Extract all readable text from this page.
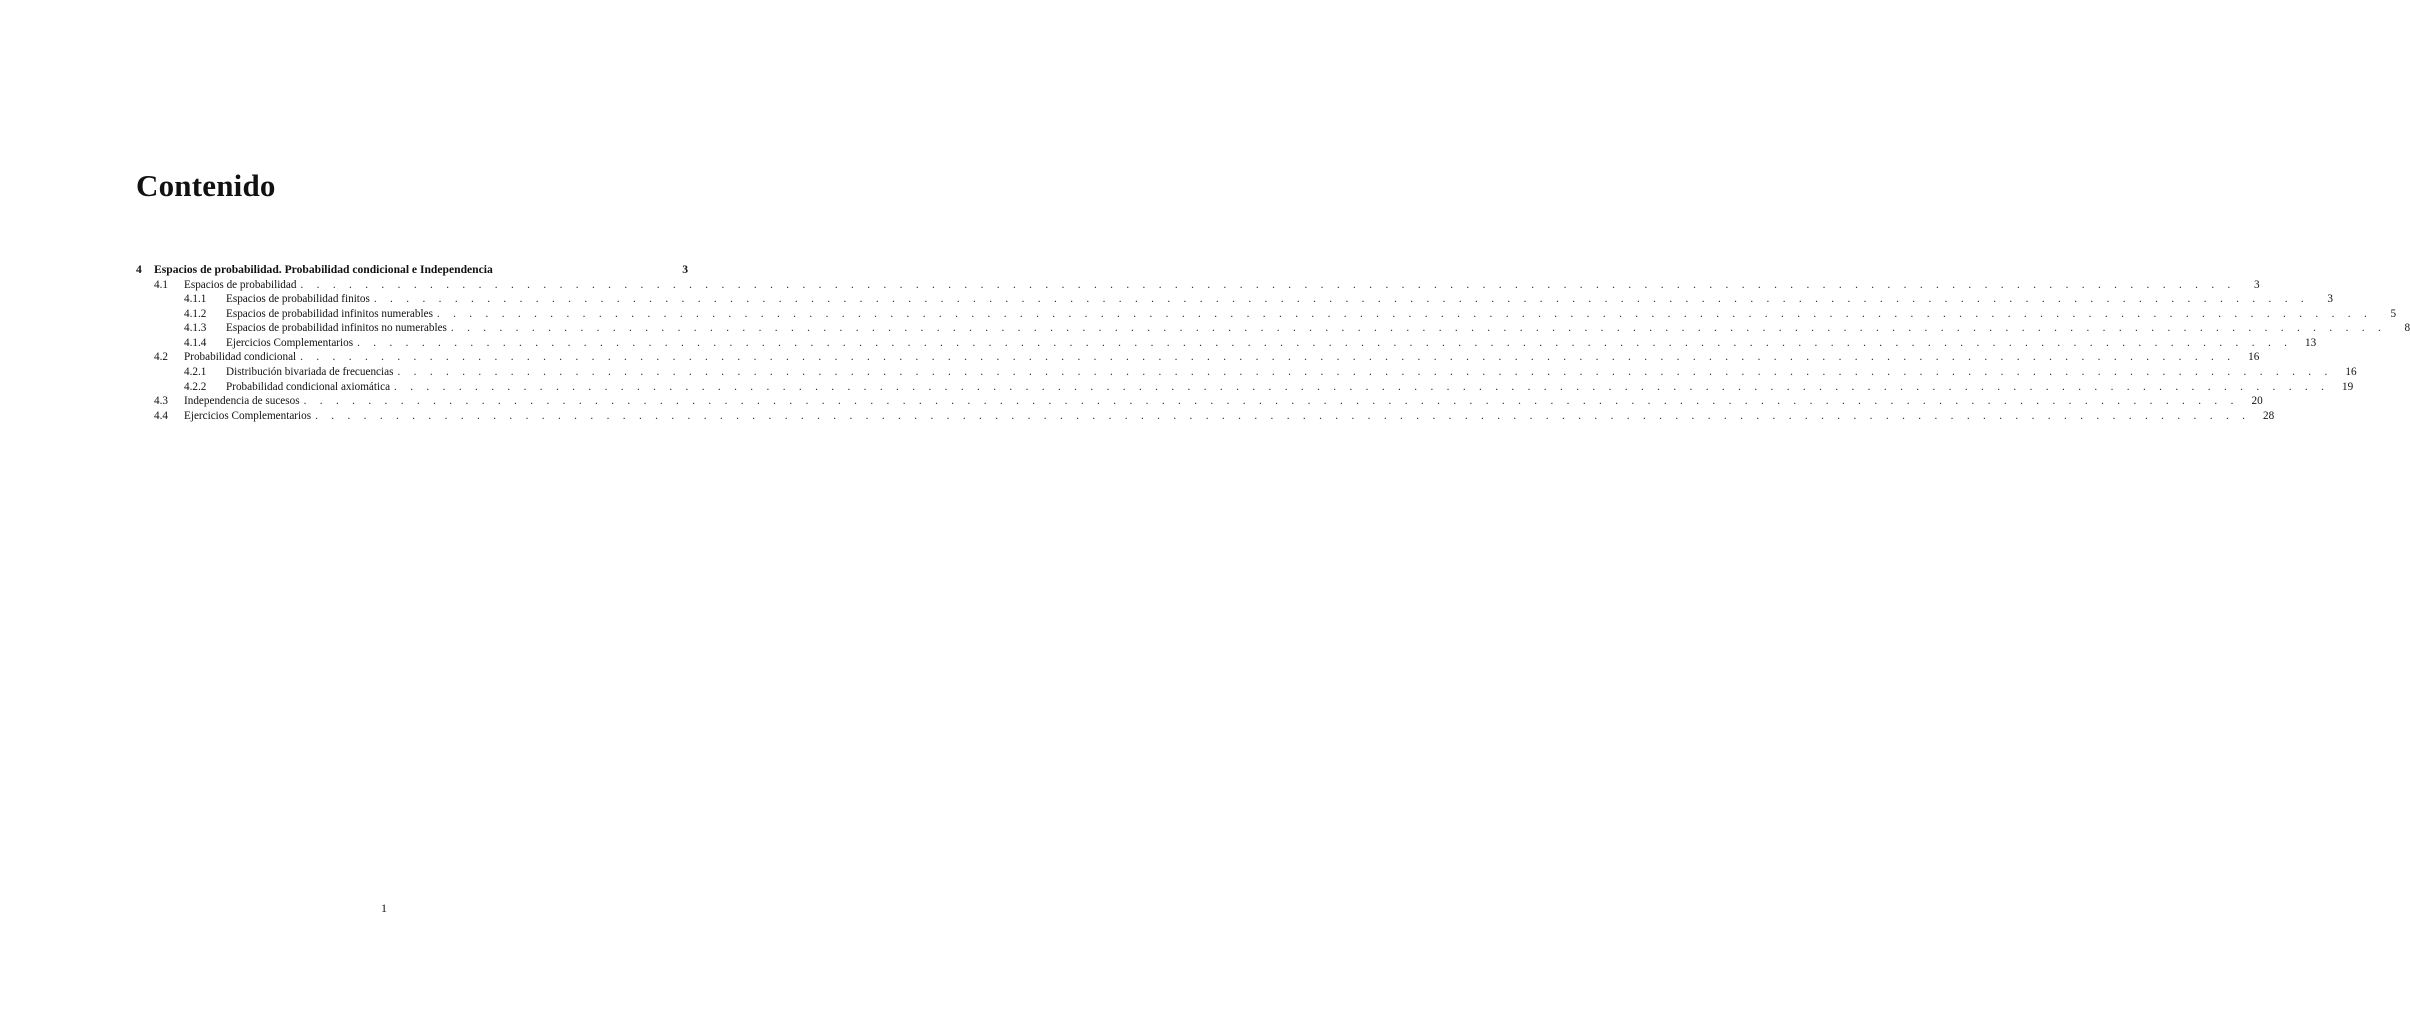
Contenido
4	Espacios de probabilidad. Probabilidad condicional e Independencia	3
4.1	Espacios de probabilidad . . . . . . . . . . . . . . . . . . . . . . . . . . . . . . . . . . . . . . . . . . . . . . . . . . . . . . . . . . . . . . . . . . . . . . . . . . . . . . . . . . . . . . . . . . . . . . . . . . . . . . . . . . . . . . . . . . . . . . . .	3
4.1.1	Espacios de probabilidad finitos . . . . . . . . . . . . . . . . . . . . . . . . . . . . . . . . . . . . . . . . . . . . . . . . . . . . . . . . . . . . . . . . . . . . . . . . . . . . . . . . . . . . . . . . . . . . . . . . . . . . . . . . . . . . . . . . . . . . . . . .	3
4.1.2	Espacios de probabilidad infinitos numerables . . . . . . . . . . . . . . . . . . . . . . . . . . . . . . . . . . . . . . . . . . . . . . . . . . . . . . . . . . . . . . . . . . . . . . . . . . . . . . . . . . . . . . . . . . . . . . . . . . . . . . . . . . . . . . . . . . . . . . . .	5
4.1.3	Espacios de probabilidad infinitos no numerables . . . . . . . . . . . . . . . . . . . . . . . . . . . . . . . . . . . . . . . . . . . . . . . . . . . . . . . . . . . . . . . . . . . . . . . . . . . . . . . . . . . . . . . . . . . . . . . . . . . . . . . . . . . . . . . . . . . . . . . .	8
4.1.4	Ejercicios Complementarios . . . . . . . . . . . . . . . . . . . . . . . . . . . . . . . . . . . . . . . . . . . . . . . . . . . . . . . . . . . . . . . . . . . . . . . . . . . . . . . . . . . . . . . . . . . . . . . . . . . . . . . . . . . . . . . . . . . . . . . .	13
4.2	Probabilidad condicional . . . . . . . . . . . . . . . . . . . . . . . . . . . . . . . . . . . . . . . . . . . . . . . . . . . . . . . . . . . . . . . . . . . . . . . . . . . . . . . . . . . . . . . . . . . . . . . . . . . . . . . . . . . . . . . . . . . . . . . .	16
4.2.1	Distribución bivariada de frecuencias . . . . . . . . . . . . . . . . . . . . . . . . . . . . . . . . . . . . . . . . . . . . . . . . . . . . . . . . . . . . . . . . . . . . . . . . . . . . . . . . . . . . . . . . . . . . . . . . . . . . . . . . . . . . . . . . . . . . . . . .	16
4.2.2	Probabilidad condicional axiomática . . . . . . . . . . . . . . . . . . . . . . . . . . . . . . . . . . . . . . . . . . . . . . . . . . . . . . . . . . . . . . . . . . . . . . . . . . . . . . . . . . . . . . . . . . . . . . . . . . . . . . . . . . . . . . . . . . . . . . . .	19
4.3	Independencia de sucesos . . . . . . . . . . . . . . . . . . . . . . . . . . . . . . . . . . . . . . . . . . . . . . . . . . . . . . . . . . . . . . . . . . . . . . . . . . . . . . . . . . . . . . . . . . . . . . . . . . . . . . . . . . . . . . . . . . . . . . . .	20
4.4	Ejercicios Complementarios . . . . . . . . . . . . . . . . . . . . . . . . . . . . . . . . . . . . . . . . . . . . . . . . . . . . . . . . . . . . . . . . . . . . . . . . . . . . . . . . . . . . . . . . . . . . . . . . . . . . . . . . . . . . . . . . . . . . . . . .	28
1
